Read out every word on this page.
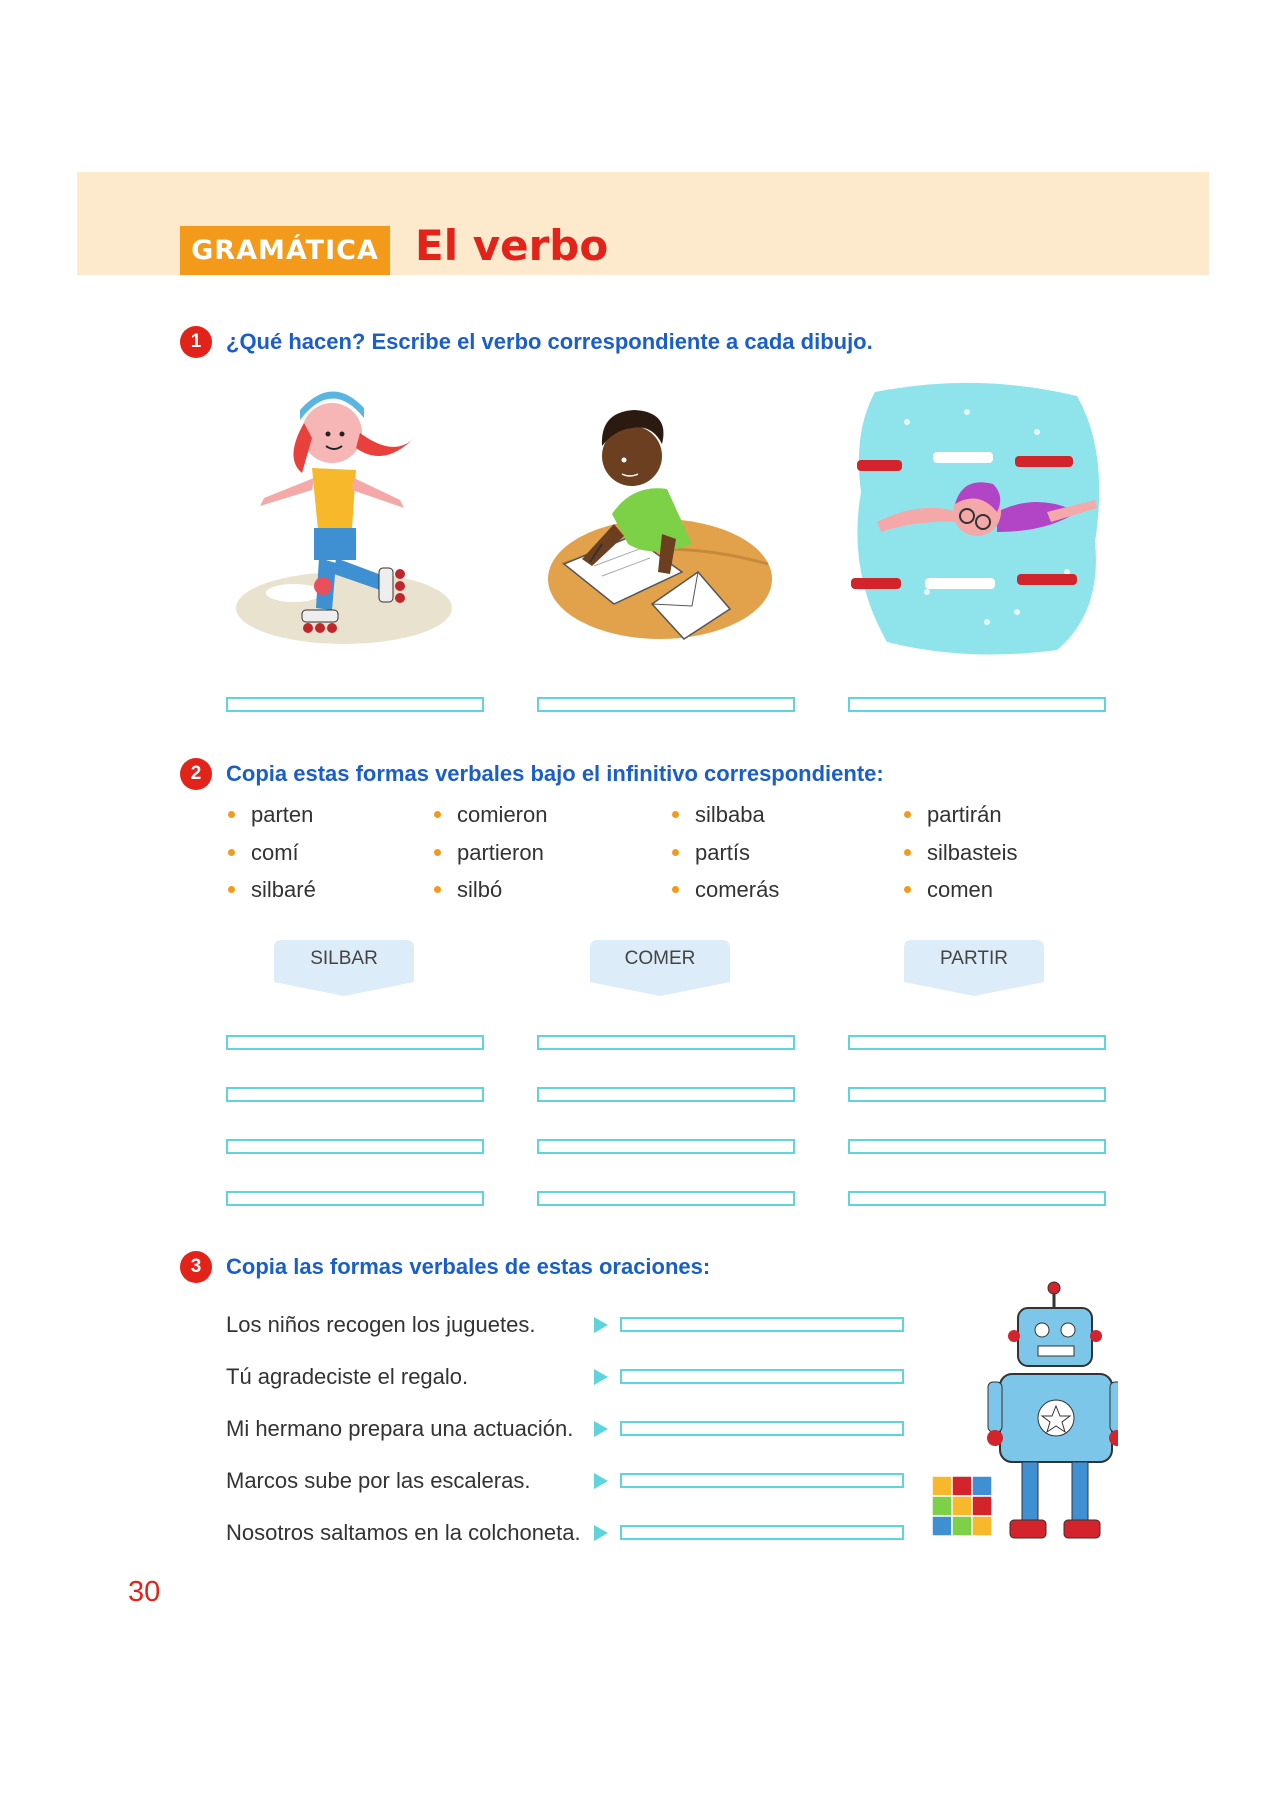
GRAMÁTICA El verbo
1	¿Qué hacen? Escribe el verbo correspondiente a cada dibujo.
2	Copia estas formas verbales bajo el infinitivo correspondiente:
parten
comí
silbaré
comieron
partieron
silbó
silbaba
partís
comerás
partirán
silbasteis
comen
SILBAR	COMER	PARTIR
3	Copia las formas verbales de estas oraciones:
Los niños recogen los juguetes.
Tú agradeciste el regalo.
Mi hermano prepara una actuación.
Marcos sube por las escaleras.
Nosotros saltamos en la colchoneta.
30
